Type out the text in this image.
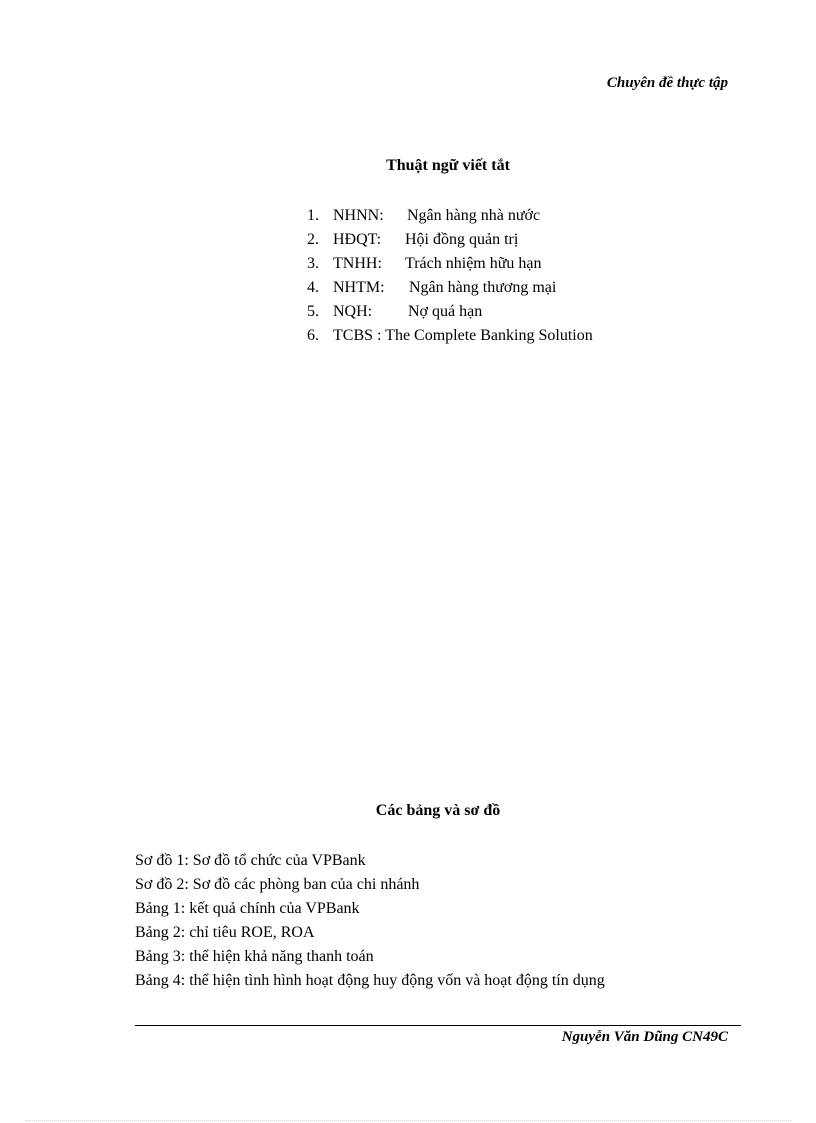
Chuyên đề thực tập
Thuật ngữ viết tắt
1. NHNN:	Ngân hàng nhà nước
2. HĐQT:	Hội đồng quản trị
3. TNHH:	Trách nhiệm hữu hạn
4. NHTM:	Ngân hàng thương mại
5. NQH:	Nợ quá hạn
6. TCBS : The Complete Banking Solution
Các bảng và sơ đồ
Sơ đồ 1: Sơ đồ tổ chức của VPBank
Sơ đồ 2: Sơ đồ các phòng ban của chi nhánh
Bảng 1: kết quả chính của VPBank
Bảng 2: chỉ tiêu ROE, ROA
Bảng 3: thể hiện khả năng thanh toán
Bảng 4: thể hiện tình hình hoạt động huy động vốn và hoạt động tín dụng
Nguyễn Văn Dũng CN49C
